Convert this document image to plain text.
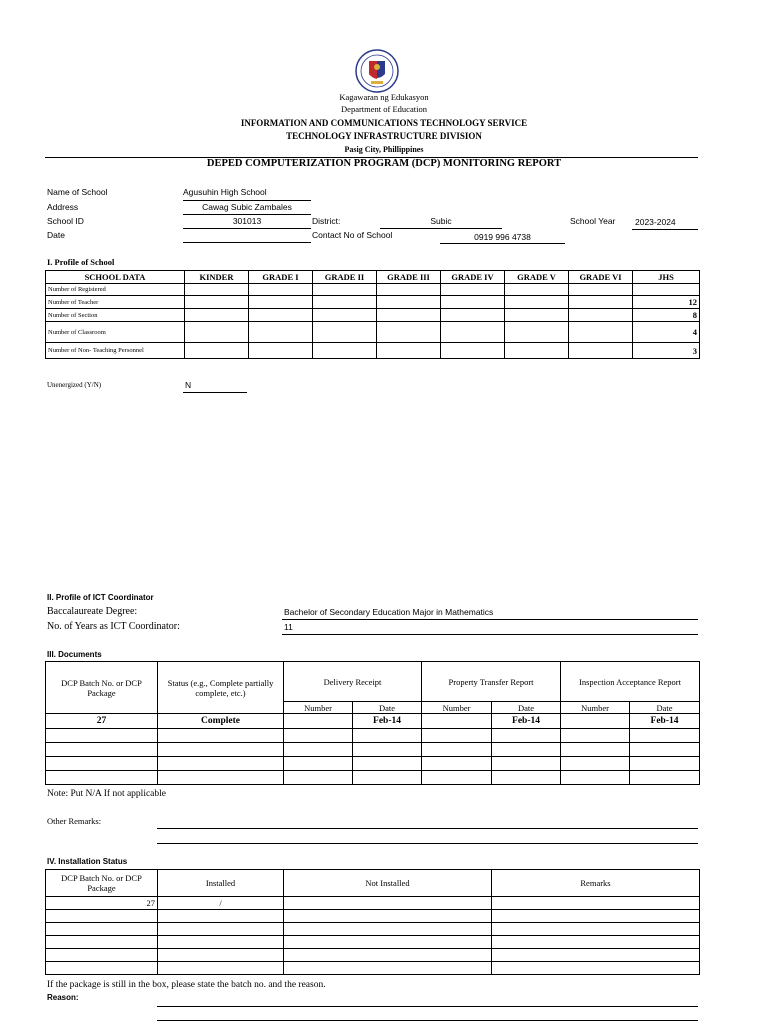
Kagawaran ng Edukasyon
Department of Education
INFORMATION AND COMMUNICATIONS TECHNOLOGY SERVICE
TECHNOLOGY INFRASTRUCTURE DIVISION
Pasig City, Phillippines
DEPED COMPUTERIZATION PROGRAM (DCP) MONITORING REPORT
Name of School	Agusuhin High School
Address	Cawag Subic Zambales
School ID	301013	District:	Subic	School Year 2023-2024
Date	Contact No of School	0919 996 4738
I. Profile of School
SCHOOL DATA	KINDER	GRADE I	GRADE II	GRADE III	GRADE IV	GRADE V	GRADE VI	JHS
Number of Registered								
Number of Teacher								12
Number of Section								8
Number of Classroom								4
Number of Non- Teaching Personnel								3
Unenergized (Y/N)	N
II. Profile of ICT Coordinator
Baccalaureate Degree:	Bachelor of Secondary Education Major in Mathematics
No. of Years as ICT Coordinator:	11
III. Documents
DCP Batch No. or DCP Package	Status (e.g., Complete partially complete, etc.)	Delivery Receipt		Property Transfer Report		Inspection Acceptance Report	
		Number	Date	Number	Date	Number	Date
27	Complete		Feb-14		Feb-14		Feb-14

Note: Put N/A If not applicable
Other Remarks:
IV. Installation Status
DCP Batch No. or DCP Package	Installed	Not Installed	Remarks
27	/		

If the package is still in the box, please state the batch no. and the reason.
Reason:
